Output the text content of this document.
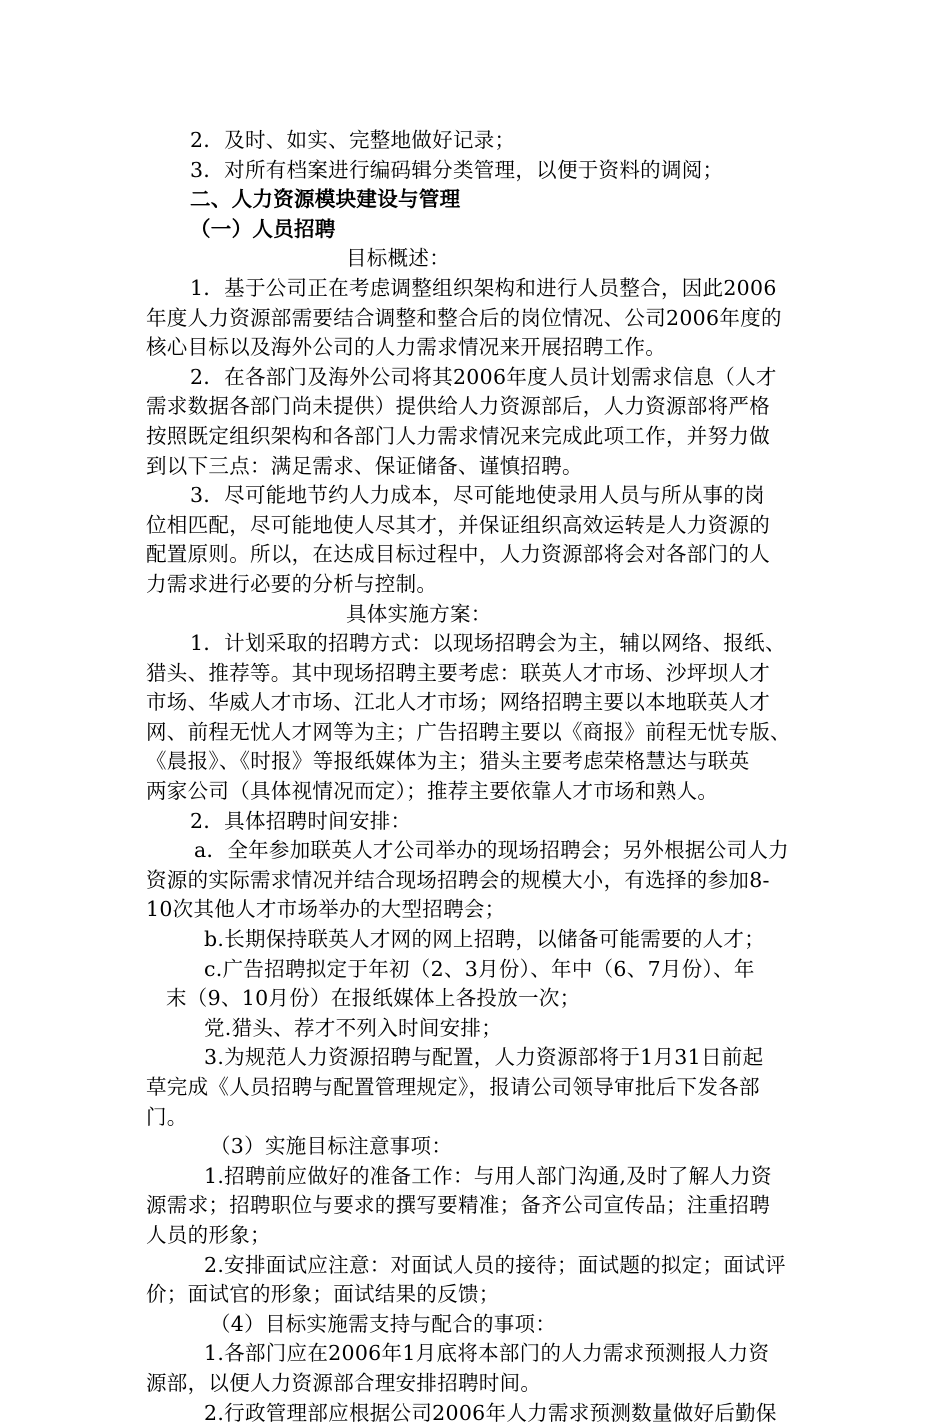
2．及时、如实、完整地做好记录；
3．对所有档案进行编码辑分类管理，以便于资料的调阅；
二、人力资源模块建设与管理
（一）人员招聘
目标概述：
1．基于公司正在考虑调整组织架构和进行人员整合，因此2006
年度人力资源部需要结合调整和整合后的岗位情况、公司2006年度的
核心目标以及海外公司的人力需求情况来开展招聘工作。
2．在各部门及海外公司将其2006年度人员计划需求信息（人才
需求数据各部门尚未提供）提供给人力资源部后，人力资源部将严格
按照既定组织架构和各部门人力需求情况来完成此项工作，并努力做
到以下三点：满足需求、保证储备、谨慎招聘。
3．尽可能地节约人力成本，尽可能地使录用人员与所从事的岗
位相匹配，尽可能地使人尽其才，并保证组织高效运转是人力资源的
配置原则。所以，在达成目标过程中，人力资源部将会对各部门的人
力需求进行必要的分析与控制。
具体实施方案：
1．计划采取的招聘方式：以现场招聘会为主，辅以网络、报纸、
猎头、推荐等。其中现场招聘主要考虑：联英人才市场、沙坪坝人才
市场、华威人才市场、江北人才市场；网络招聘主要以本地联英人才
网、前程无忧人才网等为主；广告招聘主要以《商报》前程无忧专版、
《晨报》、《时报》等报纸媒体为主；猎头主要考虑荣格慧达与联英
两家公司（具体视情况而定）；推荐主要依靠人才市场和熟人。
2．具体招聘时间安排：
a．全年参加联英人才公司举办的现场招聘会；另外根据公司人力
资源的实际需求情况并结合现场招聘会的规模大小，有选择的参加8-
10次其他人才市场举办的大型招聘会；
b.长期保持联英人才网的网上招聘，以储备可能需要的人才；
c.广告招聘拟定于年初（2、3月份）、年中（6、7月份）、年
末（9、10月份）在报纸媒体上各投放一次；
党.猎头、荐才不列入时间安排；
3.为规范人力资源招聘与配置，人力资源部将于1月31日前起
草完成《人员招聘与配置管理规定》，报请公司领导审批后下发各部
门。
（3）实施目标注意事项：
1.招聘前应做好的准备工作：与用人部门沟通,及时了解人力资
源需求；招聘职位与要求的撰写要精准；备齐公司宣传品；注重招聘
人员的形象；
2.安排面试应注意：对面试人员的接待；面试题的拟定；面试评
价；面试官的形象；面试结果的反馈；
（4）目标实施需支持与配合的事项：
1.各部门应在2006年1月底将本部门的人力需求预测报人力资
源部，以便人力资源部合理安排招聘时间。
2.行政管理部应根据公司2006年人力需求预测数量做好后勤保
